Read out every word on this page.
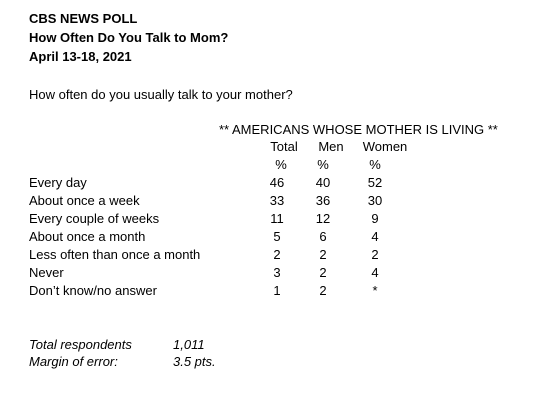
CBS NEWS POLL
How Often Do You Talk to Mom?
April 13-18, 2021
How often do you usually talk to your mother?
** AMERICANS WHOSE MOTHER IS LIVING **
Total	Men	Women
%	%	%
Every day	46	40	52
About once a week	33	36	30
Every couple of weeks	11	12	9
About once a month	5	6	4
Less often than once a month	2	2	2
Never	3	2	4
Don’t know/no answer	1	2	*
Total respondents	1,011
Margin of error:	3.5 pts.
